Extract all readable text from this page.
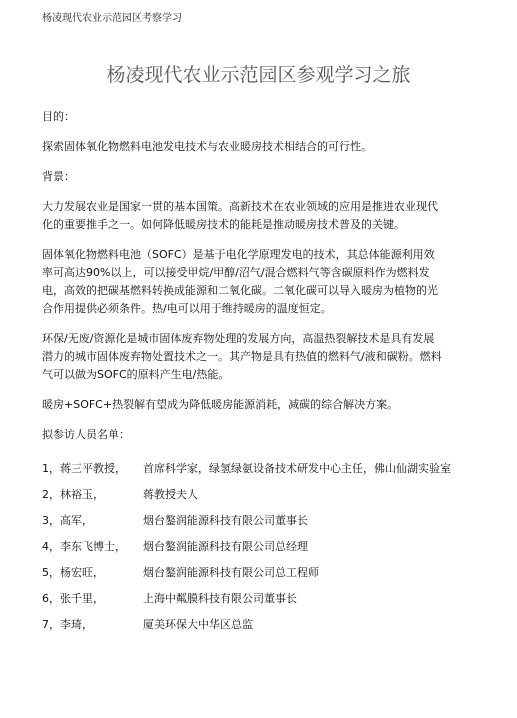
杨凌现代农业示范园区考察学习
杨凌现代农业示范园区参观学习之旅

目的：

探索固体氧化物燃料电池发电技术与农业暖房技术相结合的可行性。

背景：

大力发展农业是国家一贯的基本国策。高新技术在农业领域的应用是推进农业现代

化的重要推手之一。如何降低暖房技术的能耗是推动暖房技术普及的关键。

固体氧化物燃料电池（SOFC）是基于电化学原理发电的技术，其总体能源利用效

率可高达90%以上，可以接受甲烷/甲醇/沼气/混合燃料气等含碳原料作为燃料发

电，高效的把碳基燃料转换成能源和二氧化碳。二氧化碳可以导入暖房为植物的光

合作用提供必须条件。热/电可以用于维持暖房的温度恒定。

环保/无废/资源化是城市固体废弃物处理的发展方向，高温热裂解技术是具有发展

潜力的城市固体废弃物处置技术之一。其产物是具有热值的燃料气/液和碳粉。燃料

气可以做为SOFC的原料产生电/热能。

暖房+SOFC+热裂解有望成为降低暖房能源消耗，减碳的综合解决方案。

拟参访人员名单：

1，蒋三平教授，	首席科学家，绿氢绿氨设备技术研发中心主任，佛山仙湖实验室
2，林裕玉，	蒋教授夫人
3，高军，	烟台鏊润能源科技有限公司董事长
4，李东飞博士，	烟台鏊润能源科技有限公司总经理
5，杨宏旺，	烟台鏊润能源科技有限公司总工程师
6，张千里，	上海中粼膜科技有限公司董事长
7，李琦，	厦美环保大中华区总监
